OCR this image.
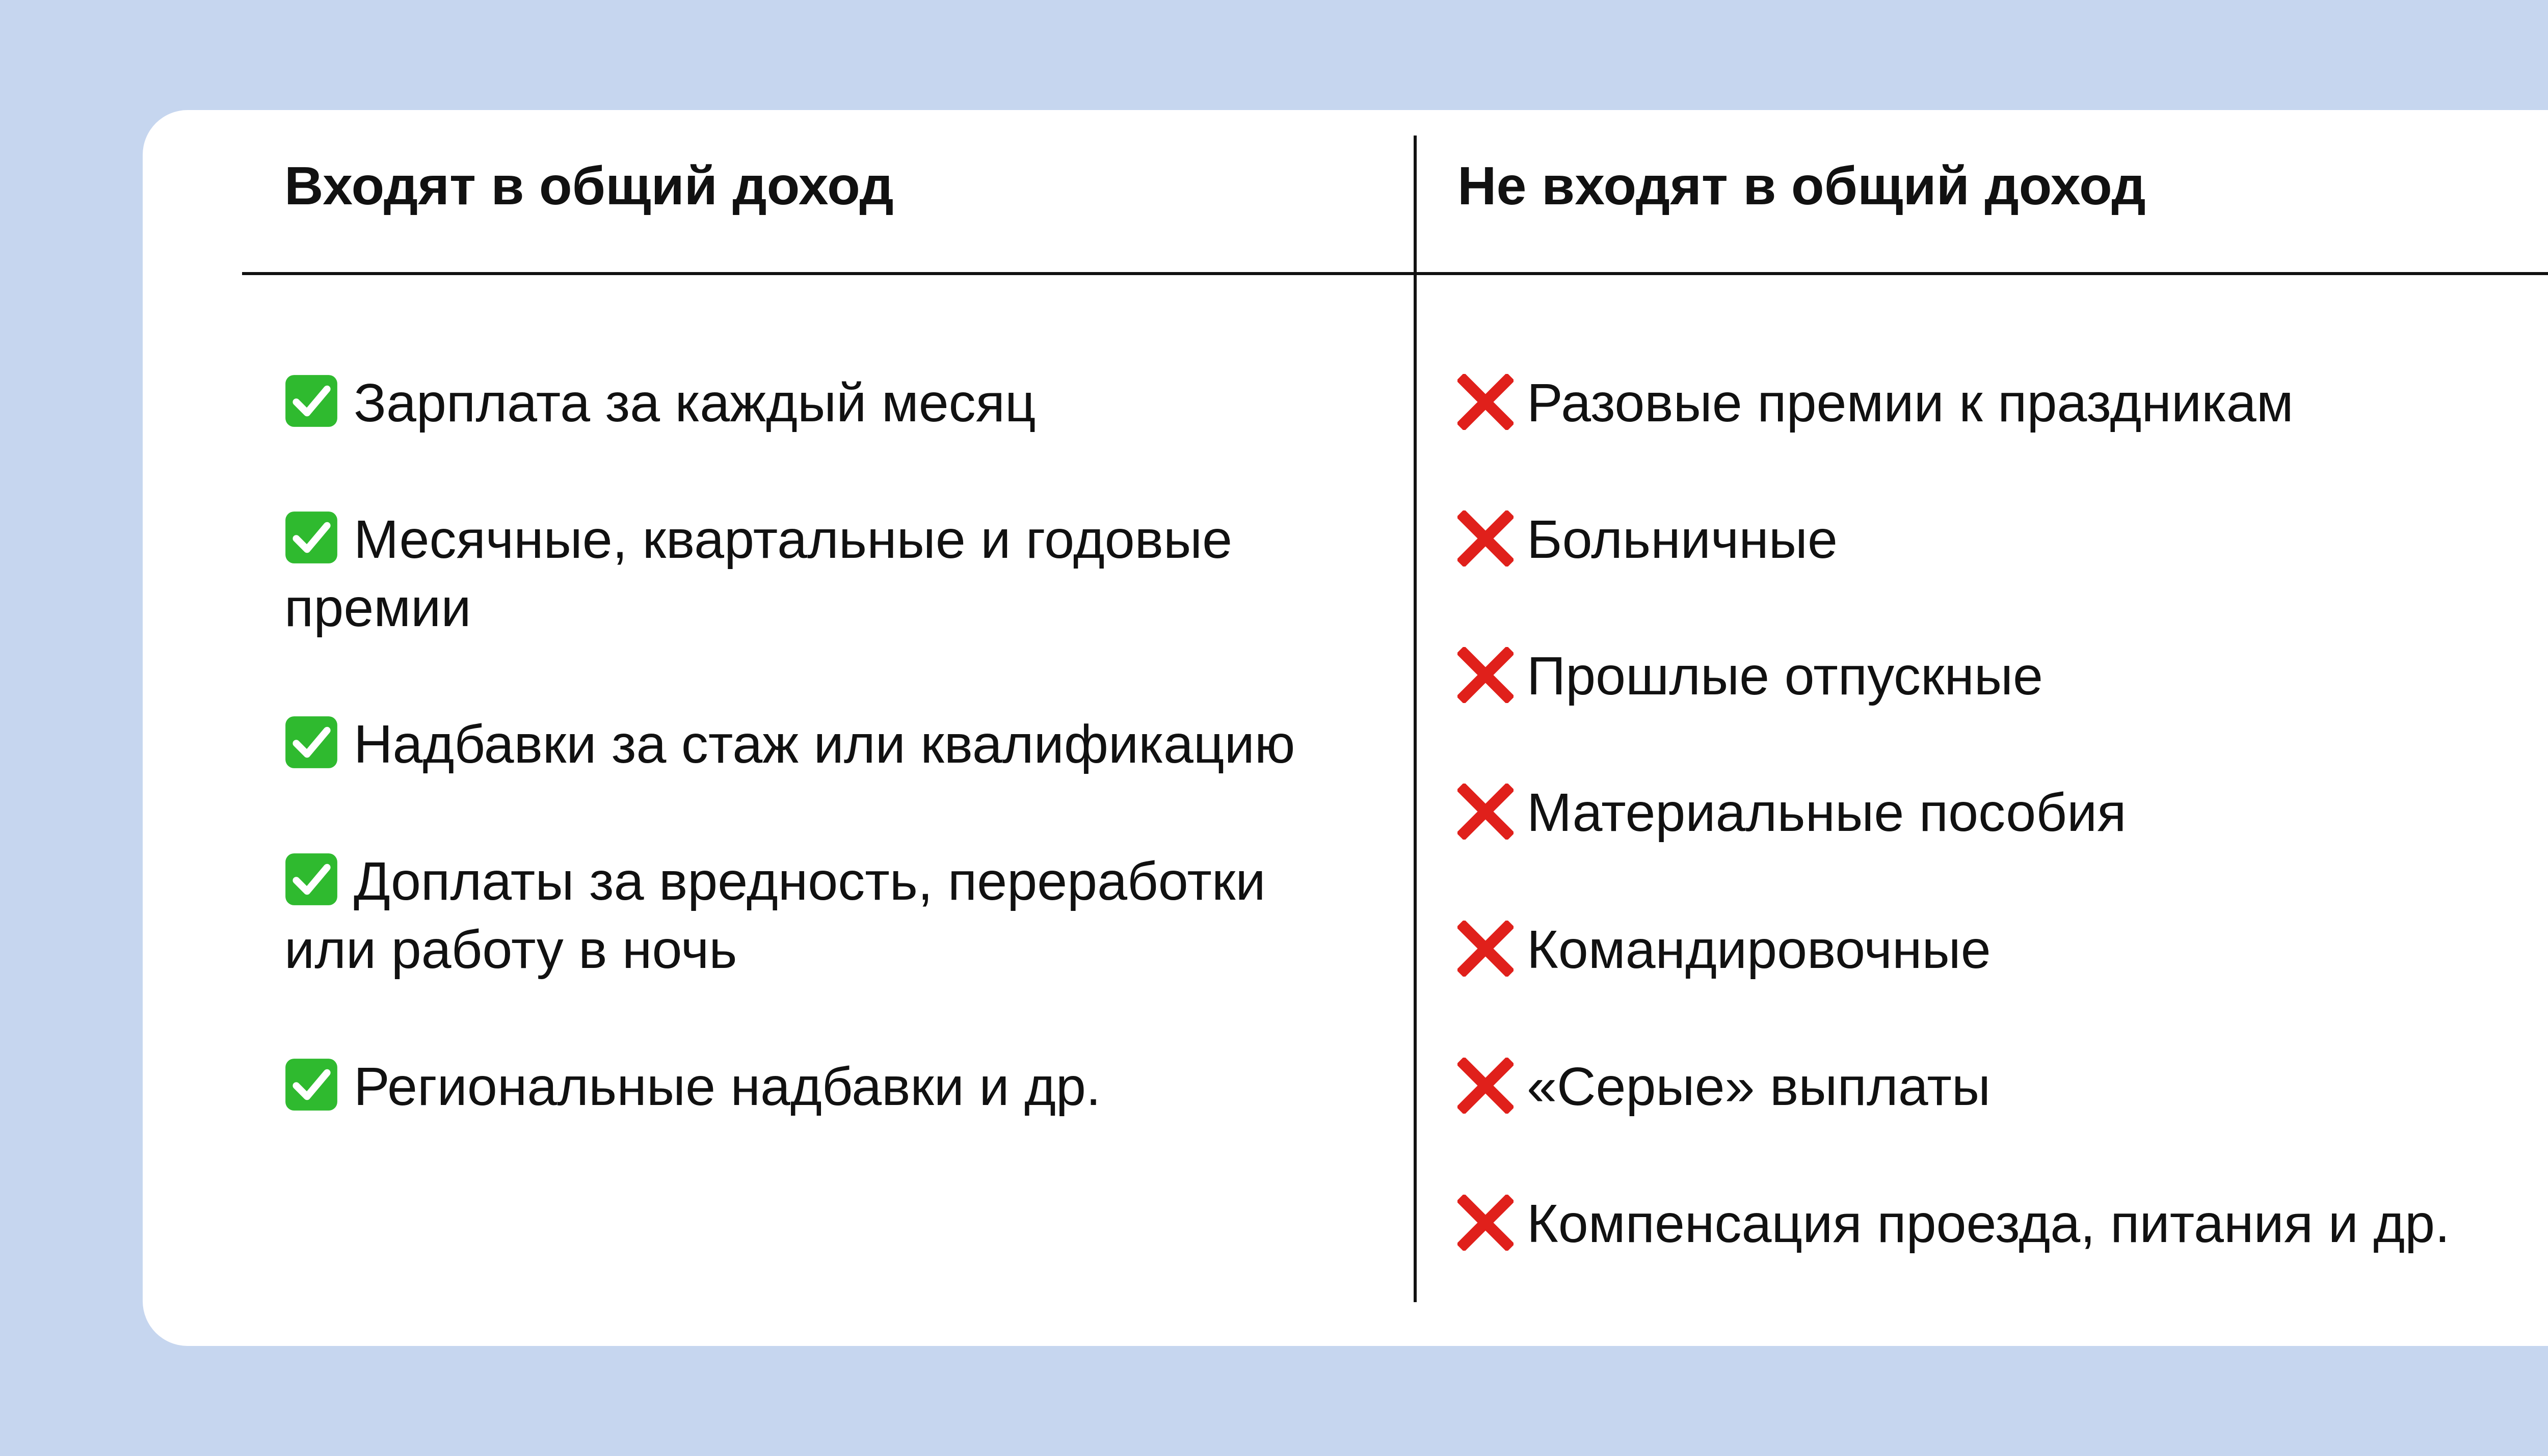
Входят в общий доход	Не входят в общий доход
Зарплата за каждый месяц
Месячные, квартальные и годовые
премии
Надбавки за стаж или квалификацию
Доплаты за вредность, переработки
или работу в ночь
Региональные надбавки и др.
Разовые премии к праздникам
Больничные
Прошлые отпускные
Материальные пособия
Командировочные
«Серые» выплаты
Компенсация проезда, питания и др.
